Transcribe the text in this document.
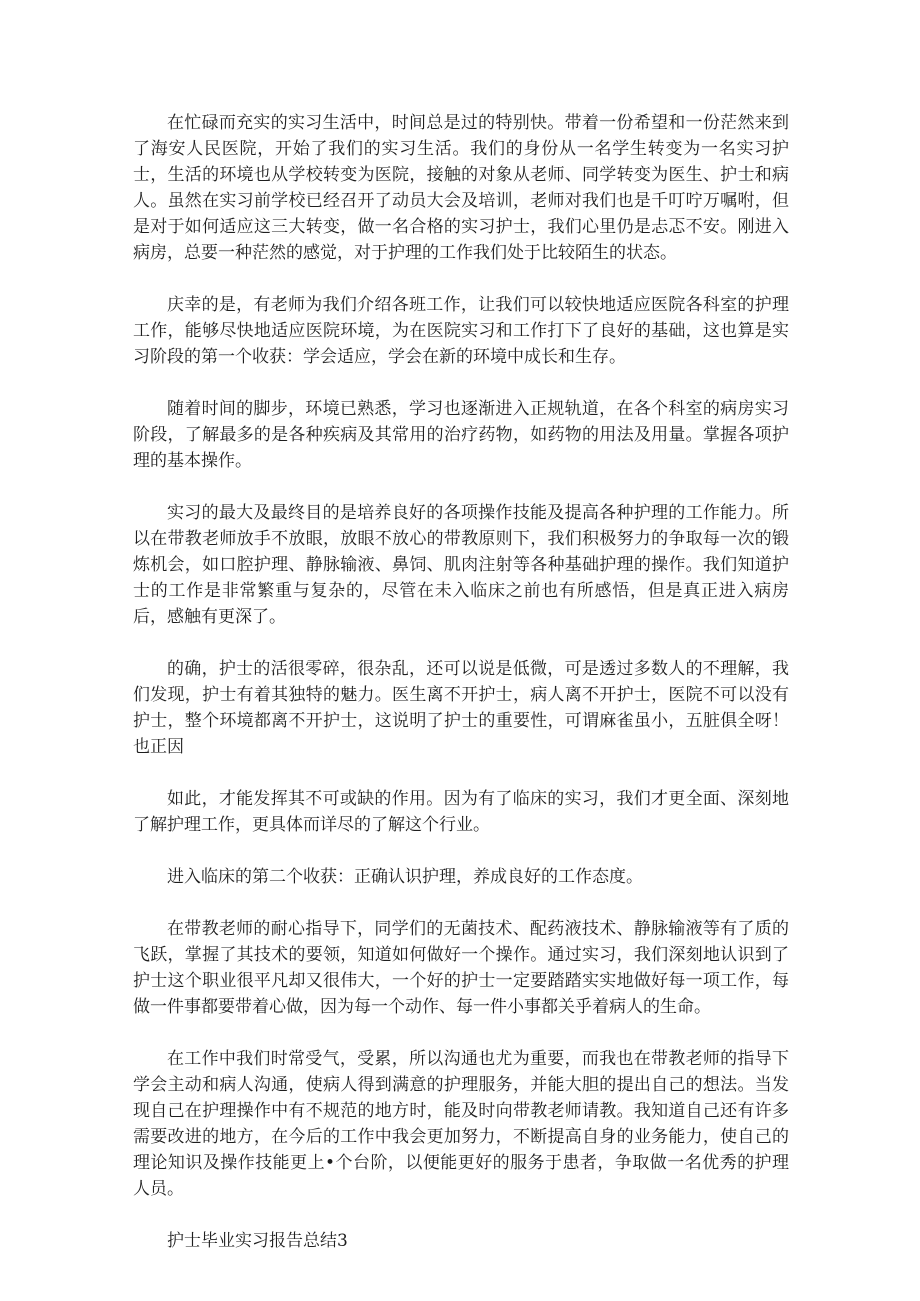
在忙碌而充实的实习生活中，时间总是过的特别快。带着一份希望和一份茫然来到了海安人民医院，开始了我们的实习生活。我们的身份从一名学生转变为一名实习护士，生活的环境也从学校转变为医院，接触的对象从老师、同学转变为医生、护士和病人。虽然在实习前学校已经召开了动员大会及培训，老师对我们也是千叮咛万嘱咐，但是对于如何适应这三大转变，做一名合格的实习护士，我们心里仍是忐忑不安。刚进入病房，总要一种茫然的感觉，对于护理的工作我们处于比较陌生的状态。

庆幸的是，有老师为我们介绍各班工作，让我们可以较快地适应医院各科室的护理工作，能够尽快地适应医院环境，为在医院实习和工作打下了良好的基础，这也算是实习阶段的第一个收获：学会适应，学会在新的环境中成长和生存。

随着时间的脚步，环境已熟悉，学习也逐渐进入正规轨道，在各个科室的病房实习阶段，了解最多的是各种疾病及其常用的治疗药物，如药物的用法及用量。掌握各项护理的基本操作。

实习的最大及最终目的是培养良好的各项操作技能及提高各种护理的工作能力。所以在带教老师放手不放眼，放眼不放心的带教原则下，我们积极努力的争取每一次的锻炼机会，如口腔护理、静脉输液、鼻饲、肌肉注射等各种基础护理的操作。我们知道护士的工作是非常繁重与复杂的，尽管在未入临床之前也有所感悟，但是真正进入病房后，感触有更深了。

的确，护士的活很零碎，很杂乱，还可以说是低微，可是透过多数人的不理解，我们发现，护士有着其独特的魅力。医生离不开护士，病人离不开护士，医院不可以没有护士，整个环境都离不开护士，这说明了护士的重要性，可谓麻雀虽小，五脏俱全呀！也正因

如此，才能发挥其不可或缺的作用。因为有了临床的实习，我们才更全面、深刻地了解护理工作，更具体而详尽的了解这个行业。

进入临床的第二个收获：正确认识护理，养成良好的工作态度。

在带教老师的耐心指导下，同学们的无菌技术、配药液技术、静脉输液等有了质的飞跃，掌握了其技术的要领，知道如何做好一个操作。通过实习，我们深刻地认识到了护士这个职业很平凡却又很伟大，一个好的护士一定要踏踏实实地做好每一项工作，每做一件事都要带着心做，因为每一个动作、每一件小事都关乎着病人的生命。

在工作中我们时常受气，受累，所以沟通也尤为重要，而我也在带教老师的指导下学会主动和病人沟通，使病人得到满意的护理服务，并能大胆的提出自己的想法。当发现自己在护理操作中有不规范的地方时，能及时向带教老师请教。我知道自己还有许多需要改进的地方，在今后的工作中我会更加努力，不断提高自身的业务能力，使自己的理论知识及操作技能更上•个台阶，以便能更好的服务于患者，争取做一名优秀的护理人员。

护士毕业实习报告总结3
